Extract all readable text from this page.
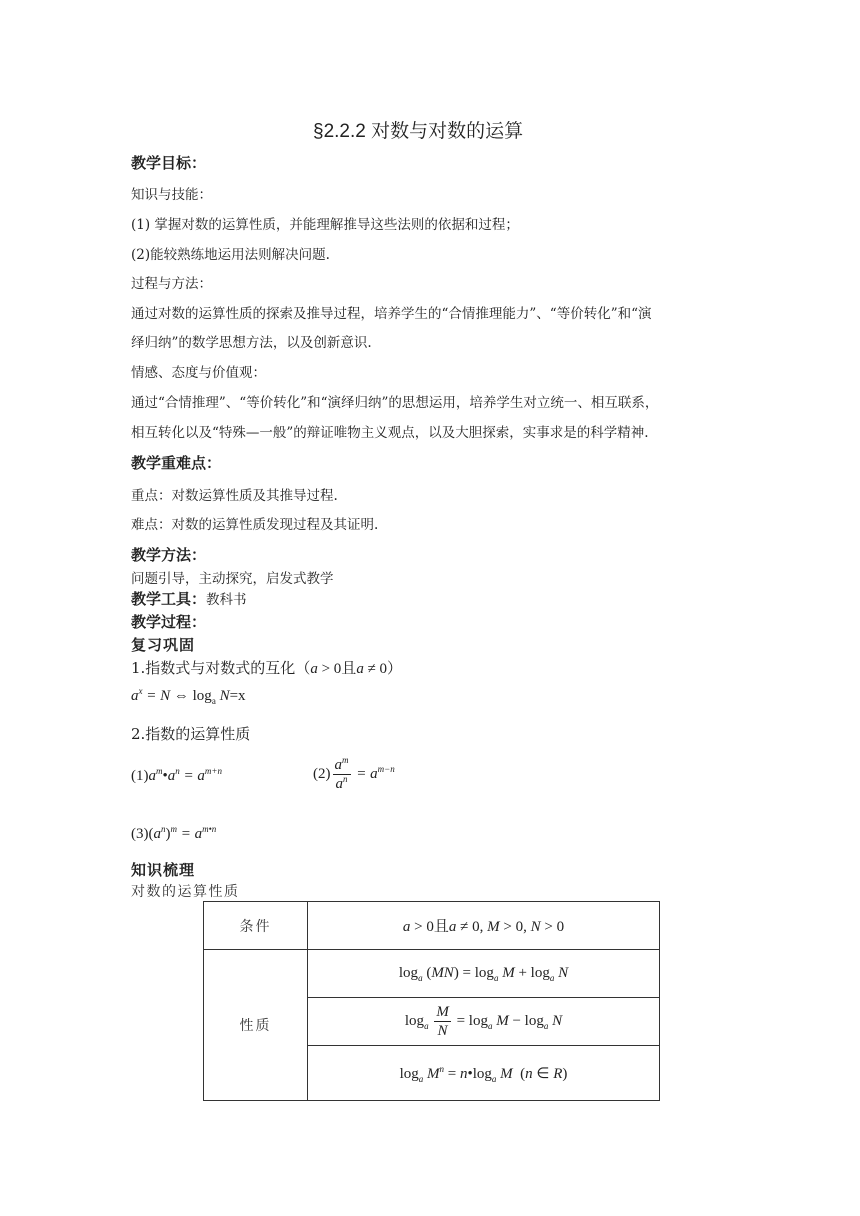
§2.2.2 对数与对数的运算
教学目标：
知识与技能：
(1) 掌握对数的运算性质，并能理解推导这些法则的依据和过程；
(2)能较熟练地运用法则解决问题.
过程与方法：
通过对数的运算性质的探索及推导过程，培养学生的“合情推理能力”、“等价转化”和“演
绎归纳”的数学思想方法，以及创新意识.
情感、态度与价值观：
通过“合情推理”、“等价转化”和“演绎归纳”的思想运用，培养学生对立统一、相互联系，
相互转化以及“特殊—一般”的辩证唯物主义观点，以及大胆探索，实事求是的科学精神.
教学重难点：
重点：对数运算性质及其推导过程.
难点：对数的运算性质发现过程及其证明.
教学方法：
问题引导，主动探究，启发式教学
教学工具：教科书
教学过程：
复习巩固
1.指数式与对数式的互化（a > 0且a ≠ 0）
$a^x = N$ ⇔ $\log_a N=x$
2.指数的运算性质
$(1)a^m•a^n = a^{m+n}$	$(2) \frac{a^m}{a^n} = a^{m-n}$
$(3)(a^n)^m = a^{m•n}$
知识梳理
对数的运算性质
条件	a > 0且a ≠ 0, M > 0, N > 0
性质	$\log_a (MN) = \log_a M + \log_a N$
	$\log_a \frac{M}{N} = \log_a M - \log_a N$
	$\log_a M^n$ = $n•\log_a$ M  (n ∈ R)
